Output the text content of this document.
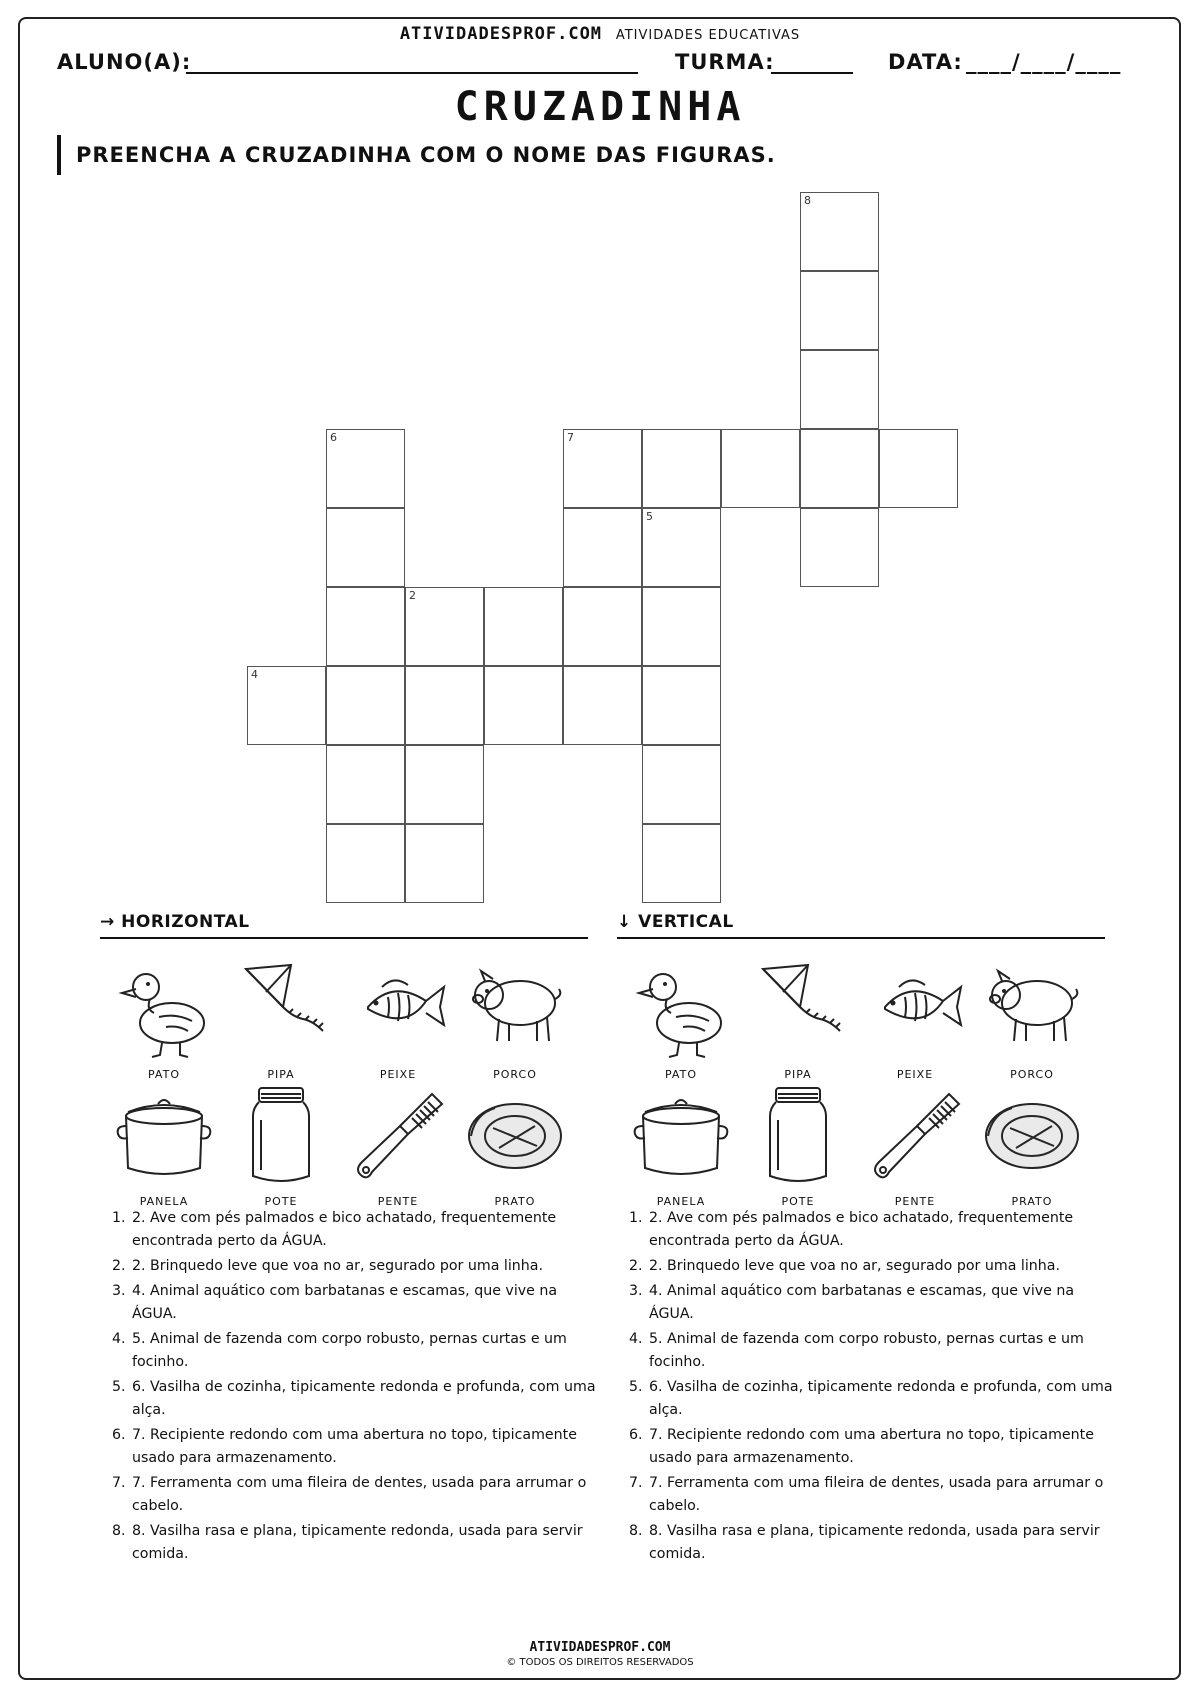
ATIVIDADESPROF.COM ATIVIDADES EDUCATIVAS
ALUNO(A):	TURMA:	DATA: ____/____/____
CRUZADINHA
PREENCHA A CRUZADINHA COM O NOME DAS FIGURAS.
8
7
6
5
2
4
→ HORIZONTAL	↓ VERTICAL
PATO	PIPA	PEIXE	PORCO
PANELA	POTE	PENTE	PRATO
PATO	PIPA	PEIXE	PORCO
PANELA	POTE	PENTE	PRATO
1. 2. Ave com pés palmados e bico achatado, frequentemente encontrada perto da ÁGUA.
2. 2. Brinquedo leve que voa no ar, segurado por uma linha.
3. 4. Animal aquático com barbatanas e escamas, que vive na ÁGUA.
4. 5. Animal de fazenda com corpo robusto, pernas curtas e um focinho.
5. 6. Vasilha de cozinha, tipicamente redonda e profunda, com uma alça.
6. 7. Recipiente redondo com uma abertura no topo, tipicamente usado para armazenamento.
7. 7. Ferramenta com uma fileira de dentes, usada para arrumar o cabelo.
8. 8. Vasilha rasa e plana, tipicamente redonda, usada para servir comida.
1. 2. Ave com pés palmados e bico achatado, frequentemente encontrada perto da ÁGUA.
2. 2. Brinquedo leve que voa no ar, segurado por uma linha.
3. 4. Animal aquático com barbatanas e escamas, que vive na ÁGUA.
4. 5. Animal de fazenda com corpo robusto, pernas curtas e um focinho.
5. 6. Vasilha de cozinha, tipicamente redonda e profunda, com uma alça.
6. 7. Recipiente redondo com uma abertura no topo, tipicamente usado para armazenamento.
7. 7. Ferramenta com uma fileira de dentes, usada para arrumar o cabelo.
8. 8. Vasilha rasa e plana, tipicamente redonda, usada para servir comida.
ATIVIDADESPROF.COM
© TODOS OS DIREITOS RESERVADOS
